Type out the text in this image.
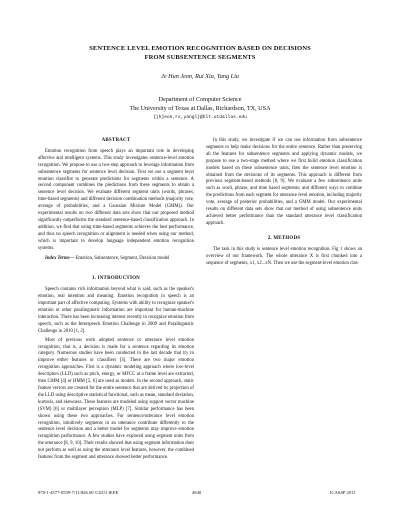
SENTENCE LEVEL EMOTION RECOGNITION BASED ON DECISIONS
FROM SUBSENTENCE SEGMENTS
Je Hun Jeon, Rui Xia, Yang Liu
Department of Computer Science
The University of Texas at Dallas, Richardson, TX, USA
{jhjeon,rx,yangl}@hlt.utdallas.edu
ABSTRACT

Emotion recognition from speech plays an important role in developing affective and intelligent systems. This study investigates sentence-level emotion recognition. We propose to use a two-step approach to leverage information from subsentence segments for sentence level decision. First we use a segment level emotion classifier to generate predictions for segments within a sentence. A second component combines the predictions from these segments to obtain a sentence level decision. We evaluate different segment units (words, phrases, time-based segments) and different decision combination methods (majority vote, average of probabilities, and a Gaussian Mixture Model (GMM)). Our experimental results on two different data sets show that our proposed method significantly outperforms the standard sentence-based classification approach. In addition, we find that using time-based segments achieves the best performance, and thus no speech recognition or alignment is needed when using our method, which is important to develop language independent emotion recognition systems.

Index Terms— Emotion, Subsentence, Segment, Decision model

1. INTRODUCTION

Speech contains rich information beyond what is said, such as the speaker's emotion, real intention and meaning. Emotion recognition in speech is an important part of affective computing. Systems with ability to recognize speaker's emotion or other paralinguistic information are important for human-machine interaction. There has been increasing interest recently to recognize emotion from speech, such as the Interspeech Emotion Challenge in 2009 and Paralinguistic Challenge in 2010 [1, 2].

Most of previous work adopted sentence or utterance level emotion recognition, that is, a decision is made for a sentence regarding its emotion category. Numerous studies have been conducted in the last decade that try to improve either features or classifiers [3]. There are two major emotion recognition approaches. First is a dynamic modeling approach where low-level descriptors (LLD) such as pitch, energy, or MFCC at a frame level are extracted, then GMM [4] or HMM [5, 6] are used as models. In the second approach, static feature vectors are created for the entire sentence that are derived by projection of the LLD using descriptive statistical functional, such as mean, standard deviation, kurtosis, and skewness. These features are modeled using support vector machine (SVM) [6] or multilayer perception (MLP) [7]. Similar performance has been shown using these two approaches. For sentence/utterance level emotion recognition, intuitively segments in an utterance contribute differently to the sentence level decision and a better model for segments may improve emotion recognition performance. A few studies have explored using segment units from the utterance [8, 9, 10]. Their results showed that using segment information does not perform as well as using the utterance level features, however, the combined features from the segment and utterance showed better performance.

In this study, we investigate if we can use information from subsentence segments to help make decisions for the entire sentence. Rather than preserving all the features for subsentence segments and applying dynamic models, we propose to use a two-stage method where we first build emotion classification models based on these subsentence units, then the sentence level emotion is obtained from the decisions of its segments. This approach is different from previous segment-based methods [8, 9]. We evaluate a few subsentence units such as word, phrase, and time based segments; and different ways to combine the predictions from each segment for utterance level emotion, including majority vote, average of posterior probabilities, and a GMM model. Our experimental results on different data sets show that our method of using subsentence units achieved better performance than the standard utterance level classification approach.

2. METHODS

The task in this study is sentence level emotion recognition. Fig 1 shows an overview of our framework. The whole utterance X is first chunked into a sequence of segments, x1, x2...xN. Then we use the segment-level emotion clas-

978-1-4577-0539-7/11/$26.00 ©2011 IEEE	4940	ICASSP 2011
